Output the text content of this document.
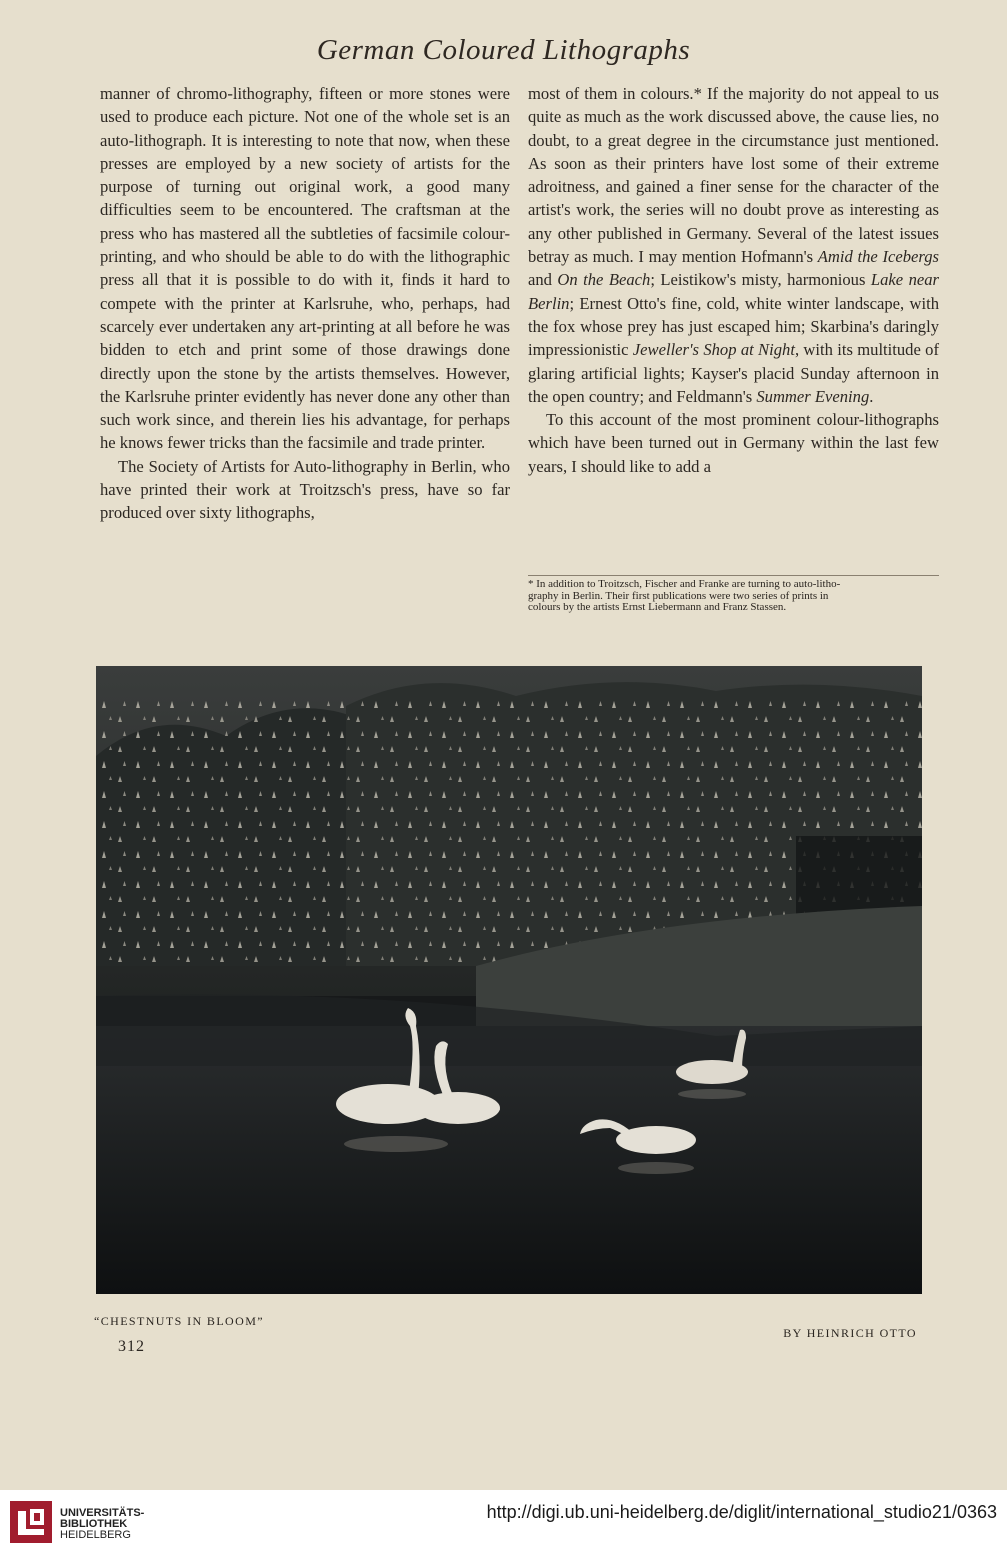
German Coloured Lithographs

manner of chromo-lithography, fifteen or more stones were used to produce each picture. Not one of the whole set is an auto-lithograph. It is interesting to note that now, when these presses are employed by a new society of artists for the purpose of turning out original work, a good many difficulties seem to be encountered. The craftsman at the press who has mastered all the subtleties of facsimile colour-printing, and who should be able to do with the lithographic press all that it is possible to do with it, finds it hard to compete with the printer at Karlsruhe, who, perhaps, had scarcely ever undertaken any art-printing at all before he was bidden to etch and print some of those drawings done directly upon the stone by the artists themselves. However, the Karlsruhe printer evidently has never done any other than such work since, and therein lies his advantage, for perhaps he knows fewer tricks than the facsimile and trade printer.

The Society of Artists for Auto-lithography in Berlin, who have printed their work at Troitzsch's press, have so far produced over sixty lithographs,

most of them in colours.* If the majority do not appeal to us quite as much as the work discussed above, the cause lies, no doubt, to a great degree in the circumstance just mentioned. As soon as their printers have lost some of their extreme adroitness, and gained a finer sense for the character of the artist's work, the series will no doubt prove as interesting as any other published in Germany. Several of the latest issues betray as much. I may mention Hofmann's Amid the Icebergs and On the Beach; Leistikow's misty, harmonious Lake near Berlin; Ernest Otto's fine, cold, white winter landscape, with the fox whose prey has just escaped him; Skarbina's daringly impressionistic Jeweller's Shop at Night, with its multitude of glaring artificial lights; Kayser's placid Sunday afternoon in the open country; and Feldmann's Summer Evening.

To this account of the most prominent colour-lithographs which have been turned out in Germany within the last few years, I should like to add a

* In addition to Troitzsch, Fischer and Franke are turning to auto-litho-
graphy in Berlin. Their first publications were two series of prints in
colours by the artists Ernst Liebermann and Franz Stassen.
“CHESTNUTS IN BLOOM”
BY HEINRICH OTTO
312
UNIVERSITÄTS-
BIBLIOTHEK
HEIDELBERG
http://digi.ub.uni-heidelberg.de/diglit/international_studio21/0363
